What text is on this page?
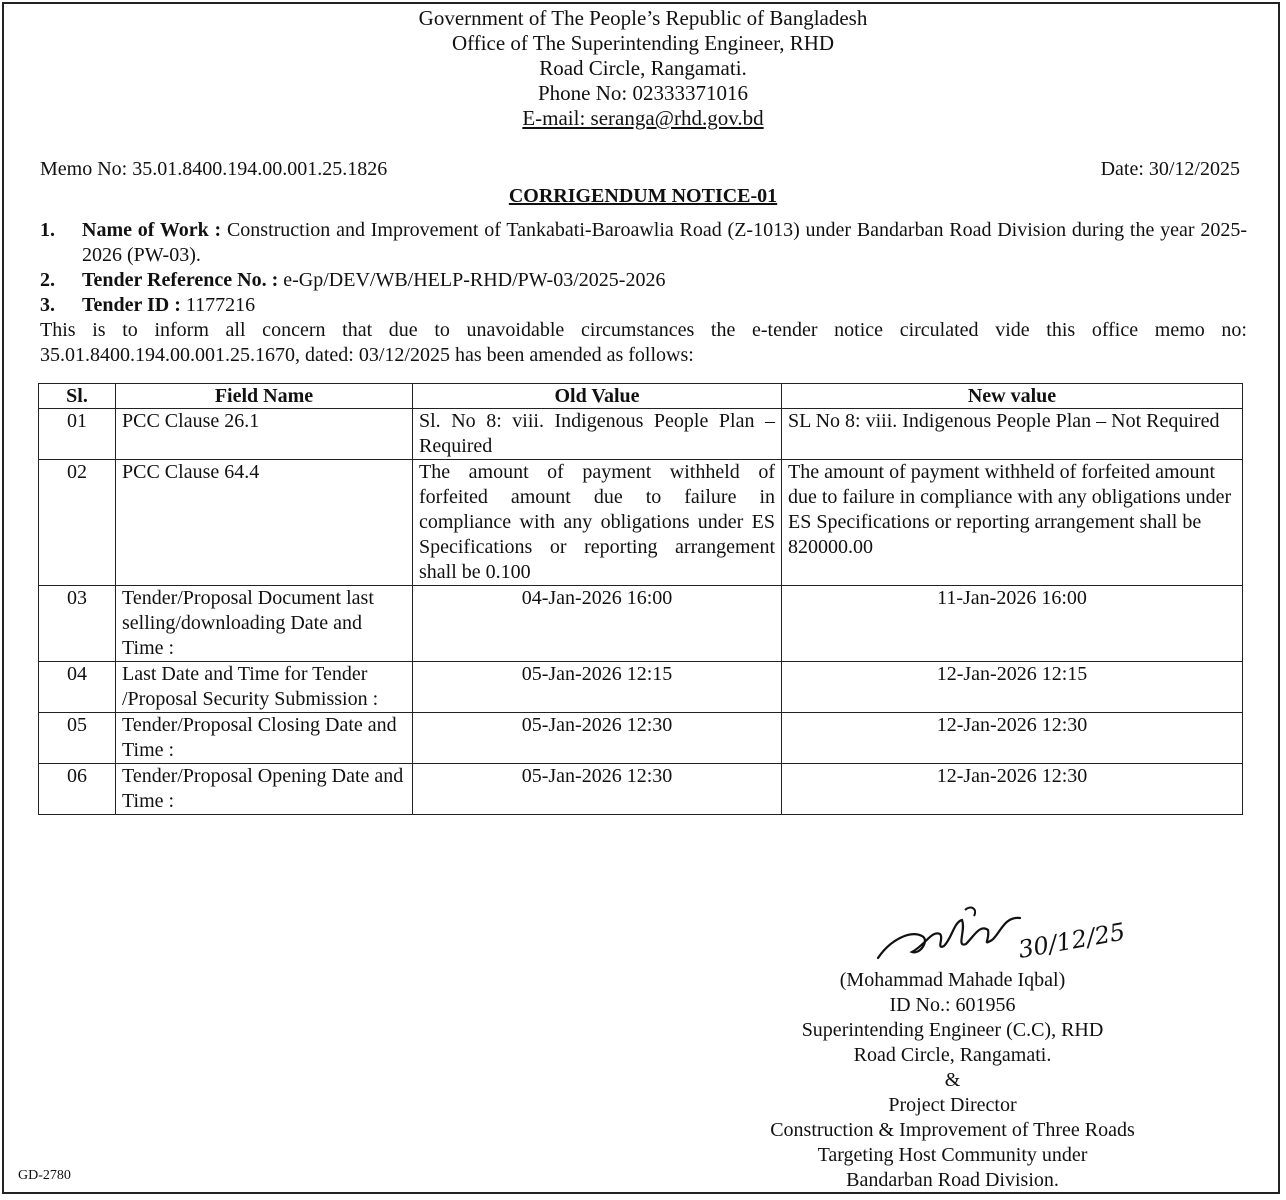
Government of The People’s Republic of Bangladesh
Office of The Superintending Engineer, RHD
Road Circle, Rangamati.
Phone No: 02333371016
E-mail: seranga@rhd.gov.bd
Memo No: 35.01.8400.194.00.001.25.1826	Date: 30/12/2025
CORRIGENDUM NOTICE-01
1. Name of Work : Construction and Improvement of Tankabati-Baroawlia Road (Z-1013) under Bandarban Road Division during the year 2025-2026 (PW-03).
2. Tender Reference No. : e-Gp/DEV/WB/HELP-RHD/PW-03/2025-2026
3. Tender ID : 1177216
This is to inform all concern that due to unavoidable circumstances the e-tender notice circulated vide this office memo no: 35.01.8400.194.00.001.25.1670, dated: 03/12/2025 has been amended as follows:
Sl.	Field Name	Old Value	New value
01	PCC Clause 26.1	Sl. No 8: viii. Indigenous People Plan – Required	SL No 8: viii. Indigenous People Plan – Not Required
02	PCC Clause 64.4	The amount of payment withheld of forfeited amount due to failure in compliance with any obligations under ES Specifications or reporting arrangement shall be 0.100	The amount of payment withheld of forfeited amount due to failure in compliance with any obligations under ES Specifications or reporting arrangement shall be 820000.00
03	Tender/Proposal Document last selling/downloading Date and Time :	04-Jan-2026 16:00	11-Jan-2026 16:00
04	Last Date and Time for Tender /Proposal Security Submission :	05-Jan-2026 12:15	12-Jan-2026 12:15
05	Tender/Proposal Closing Date and Time :	05-Jan-2026 12:30	12-Jan-2026 12:30
06	Tender/Proposal Opening Date and Time :	05-Jan-2026 12:30	12-Jan-2026 12:30
30/12/25
(Mohammad Mahade Iqbal)
ID No.: 601956
Superintending Engineer (C.C), RHD
Road Circle, Rangamati.
&
Project Director
Construction & Improvement of Three Roads
Targeting Host Community under
Bandarban Road Division.
GD-2780
